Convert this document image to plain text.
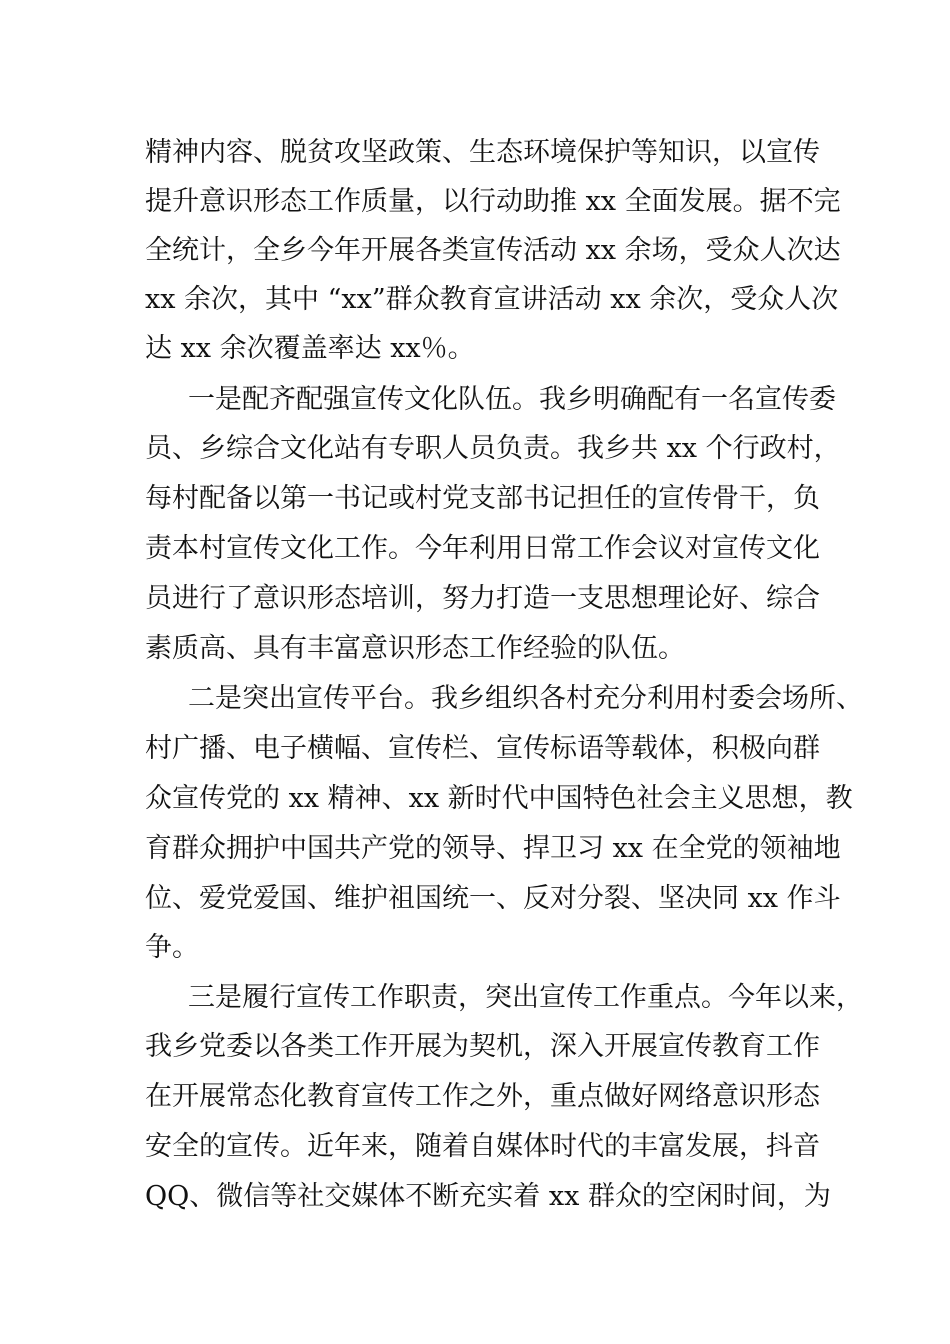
精神内容、脱贫攻坚政策、生态环境保护等知识，以宣传
提升意识形态工作质量，以行动助推 xx 全面发展。据不完
全统计，全乡今年开展各类宣传活动 xx 余场，受众人次达
xx 余次，其中 “xx”群众教育宣讲活动 xx 余次，受众人次
达 xx 余次覆盖率达 xx％。
一是配齐配强宣传文化队伍。我乡明确配有一名宣传委
员、乡综合文化站有专职人员负责。我乡共 xx 个行政村，
每村配备以第一书记或村党支部书记担任的宣传骨干，负
责本村宣传文化工作。今年利用日常工作会议对宣传文化
员进行了意识形态培训，努力打造一支思想理论好、综合
素质高、具有丰富意识形态工作经验的队伍。
二是突出宣传平台。我乡组织各村充分利用村委会场所、
村广播、电子横幅、宣传栏、宣传标语等载体，积极向群
众宣传党的 xx 精神、xx 新时代中国特色社会主义思想，教
育群众拥护中国共产党的领导、捍卫习 xx 在全党的领袖地
位、爱党爱国、维护祖国统一、反对分裂、坚决同 xx 作斗
争。
三是履行宣传工作职责，突出宣传工作重点。今年以来，
我乡党委以各类工作开展为契机，深入开展宣传教育工作
在开展常态化教育宣传工作之外，重点做好网络意识形态
安全的宣传。近年来，随着自媒体时代的丰富发展，抖音
QQ、微信等社交媒体不断充实着 xx 群众的空闲时间，为
